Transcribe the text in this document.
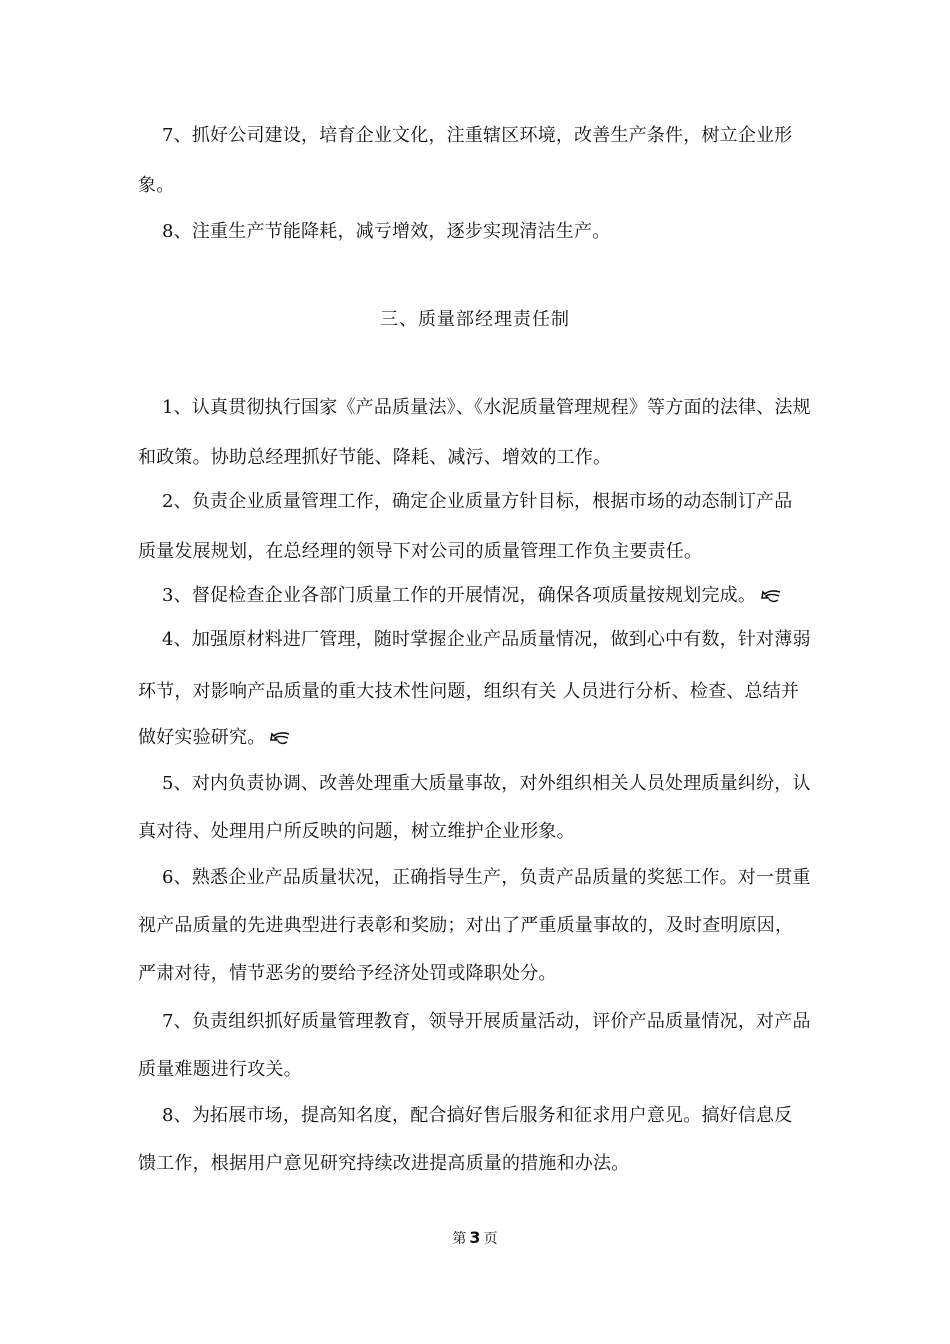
7、抓好公司建设，培育企业文化，注重辖区环境，改善生产条件，树立企业形
象。
8、注重生产节能降耗，减亏增效，逐步实现清洁生产。
三、质量部经理责任制
1、认真贯彻执行国家《产品质量法》、《水泥质量管理规程》等方面的法律、法规
和政策。协助总经理抓好节能、降耗、减污、增效的工作。
2、负责企业质量管理工作，确定企业质量方针目标，根据市场的动态制订产品
质量发展规划，在总经理的领导下对公司的质量管理工作负主要责任。
3、督促检查企业各部门质量工作的开展情况，确保各项质量按规划完成。
4、加强原材料进厂管理，随时掌握企业产品质量情况，做到心中有数，针对薄弱
环节，对影响产品质量的重大技术性问题，组织有关 人员进行分析、检查、总结并
做好实验研究。
5、对内负责协调、改善处理重大质量事故，对外组织相关人员处理质量纠纷，认
真对待、处理用户所反映的问题，树立维护企业形象。
6、熟悉企业产品质量状况，正确指导生产，负责产品质量的奖惩工作。对一贯重
视产品质量的先进典型进行表彰和奖励；对出了严重质量事故的，及时查明原因，
严肃对待，情节恶劣的要给予经济处罚或降职处分。
7、负责组织抓好质量管理教育，领导开展质量活动，评价产品质量情况，对产品
质量难题进行攻关。
8、为拓展市场，提高知名度，配合搞好售后服务和征求用户意见。搞好信息反
馈工作，根据用户意见研究持续改进提高质量的措施和办法。
第 3 页
